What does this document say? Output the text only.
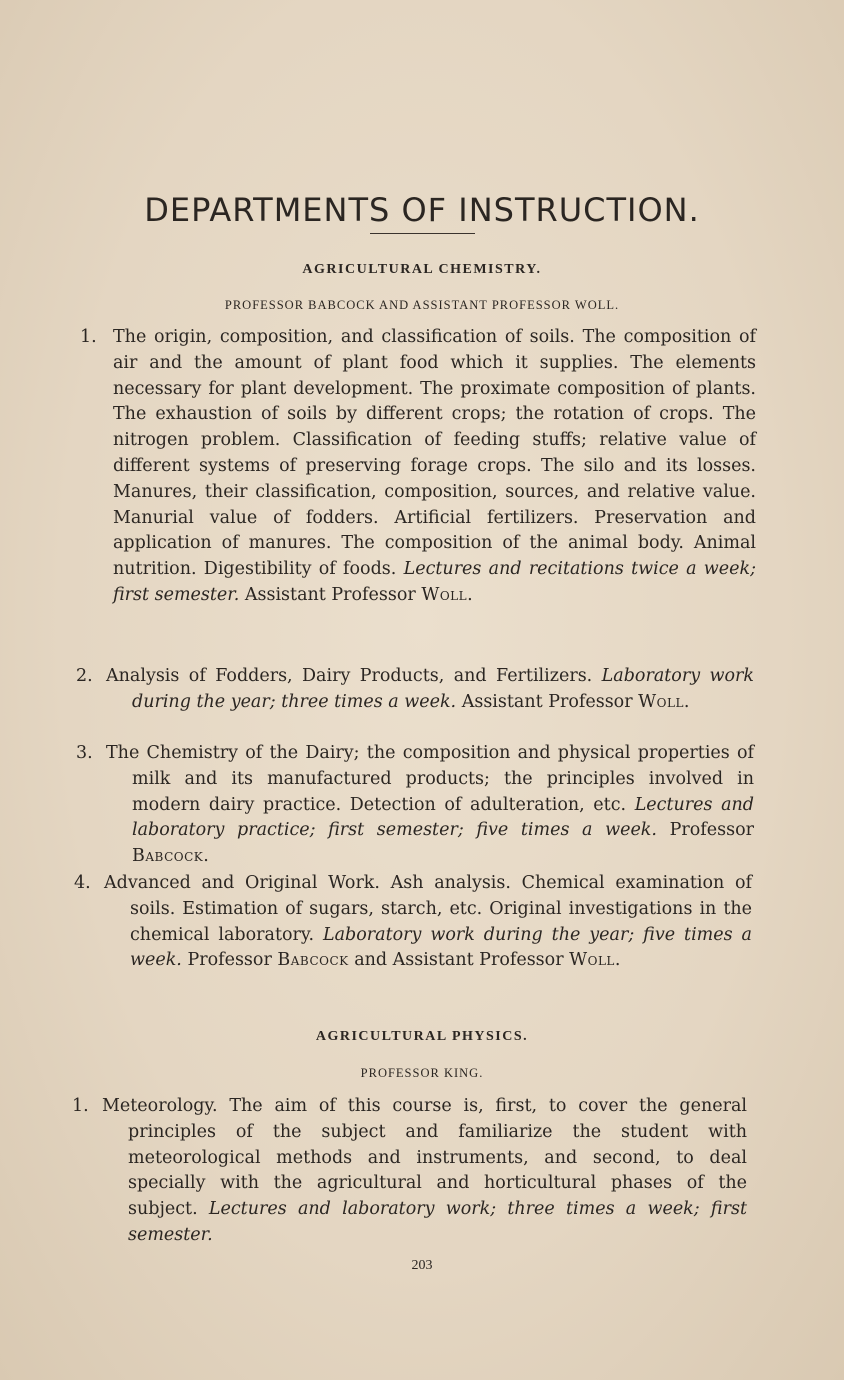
DEPARTMENTS OF INSTRUCTION.
AGRICULTURAL CHEMISTRY.
PROFESSOR BABCOCK AND ASSISTANT PROFESSOR WOLL.
1. The origin, composition, and classification of soils. The composition of air and the amount of plant food which it supplies. The elements necessary for plant development. The proximate composition of plants. The exhaustion of soils by different crops; the rotation of crops. The nitrogen problem. Classification of feeding stuffs; relative value of different systems of preserving forage crops. The silo and its losses. Manures, their classification, composition, sources, and relative value. Manurial value of fodders. Artificial fertilizers. Preservation and application of manures. The composition of the animal body. Animal nutrition. Digestibility of foods. Lectures and recitations twice a week; first semester. Assistant Professor Woll.
2. Analysis of Fodders, Dairy Products, and Fertilizers. Laboratory work during the year; three times a week. Assistant Professor Woll.
3. The Chemistry of the Dairy; the composition and physical properties of milk and its manufactured products; the principles involved in modern dairy practice. Detection of adulteration, etc. Lectures and laboratory practice; first semester; five times a week. Professor Babcock.
4. Advanced and Original Work. Ash analysis. Chemical examination of soils. Estimation of sugars, starch, etc. Original investigations in the chemical laboratory. Laboratory work during the year; five times a week. Professor Babcock and Assistant Professor Woll.
AGRICULTURAL PHYSICS.
PROFESSOR KING.
1. Meteorology. The aim of this course is, first, to cover the general principles of the subject and familiarize the student with meteorological methods and instruments, and second, to deal specially with the agricultural and horticultural phases of the subject. Lectures and laboratory work; three times a week; first semester.
203
